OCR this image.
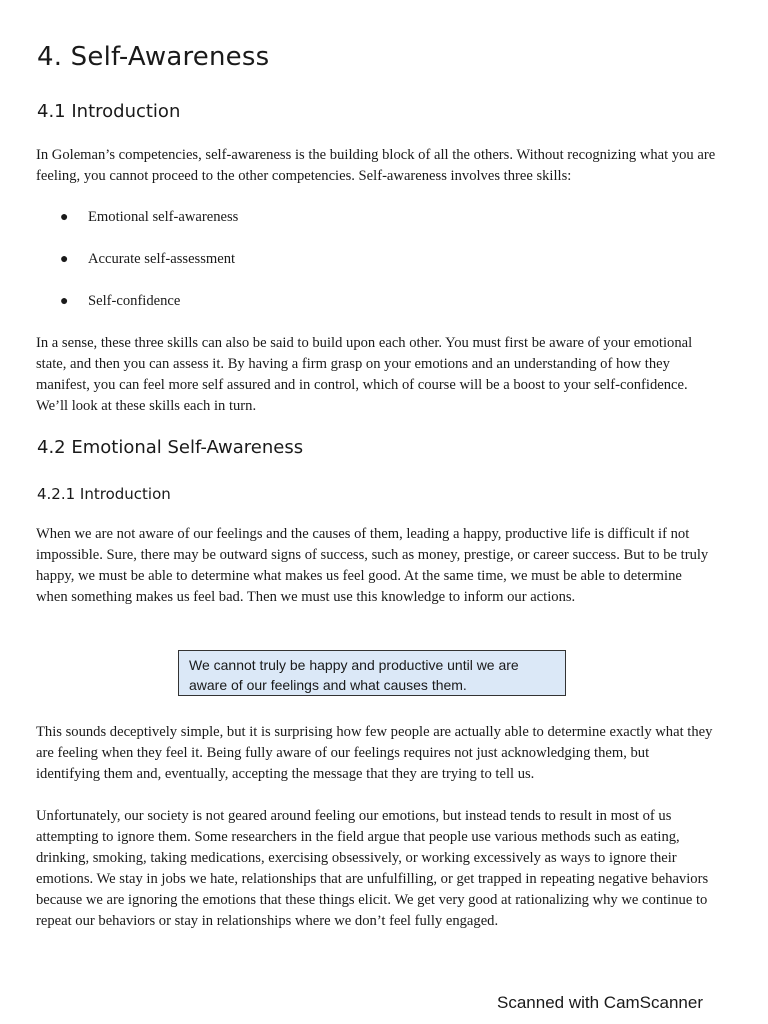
4. Self-Awareness
4.1 Introduction

In Goleman’s competencies, self-awareness is the building block of all the others. Without recognizing what you are feeling, you cannot proceed to the other competencies. Self-awareness involves three skills:

● Emotional self-awareness
● Accurate self-assessment
● Self-confidence

In a sense, these three skills can also be said to build upon each other. You must first be aware of your emotional state, and then you can assess it. By having a firm grasp on your emotions and an understanding of how they manifest, you can feel more self assured and in control, which of course will be a boost to your self-confidence. We’ll look at these skills each in turn.

4.2 Emotional Self-Awareness
4.2.1 Introduction

When we are not aware of our feelings and the causes of them, leading a happy, productive life is difficult if not impossible. Sure, there may be outward signs of success, such as money, prestige, or career success. But to be truly happy, we must be able to determine what makes us feel good. At the same time, we must be able to determine when something makes us feel bad. Then we must use this knowledge to inform our actions.

We cannot truly be happy and productive until we are aware of our feelings and what causes them.

This sounds deceptively simple, but it is surprising how few people are actually able to determine exactly what they are feeling when they feel it. Being fully aware of our feelings requires not just acknowledging them, but identifying them and, eventually, accepting the message that they are trying to tell us.

Unfortunately, our society is not geared around feeling our emotions, but instead tends to result in most of us attempting to ignore them. Some researchers in the field argue that people use various methods such as eating, drinking, smoking, taking medications, exercising obsessively, or working excessively as ways to ignore their emotions. We stay in jobs we hate, relationships that are unfulfilling, or get trapped in repeating negative behaviors because we are ignoring the emotions that these things elicit. We get very good at rationalizing why we continue to repeat our behaviors or stay in relationships where we don’t feel fully engaged.

Scanned with CamScanner
